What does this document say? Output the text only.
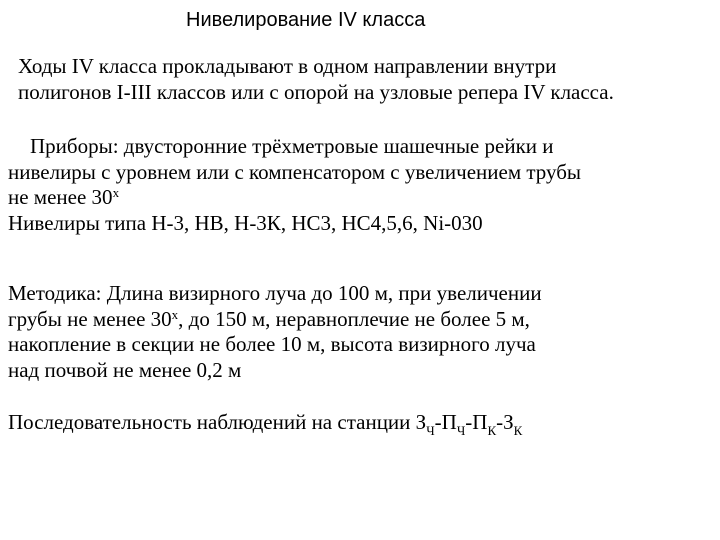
Нивелирование IV класса
Ходы IV класса прокладывают в одном направлении внутри
полигонов I-III классов или с опорой на узловые репера IV класса.
Приборы: двусторонние трёхметровые шашечные рейки и
нивелиры с уровнем или с компенсатором с увеличением трубы
не менее $30^х$
Нивелиры типа Н-3, НВ, Н-3К, НС3, НС4,5,6, Ni-030
Методика: Длина визирного луча до 100 м, при увеличении
грубы не менее $30^х$, до 150 м, неравноплечие не более 5 м,
накопление в секции не более 10 м, высота визирного луча
над почвой не менее 0,2 м
Последовательность наблюдений на станции $З_Ч-П_Ч-П_К-З_К$
